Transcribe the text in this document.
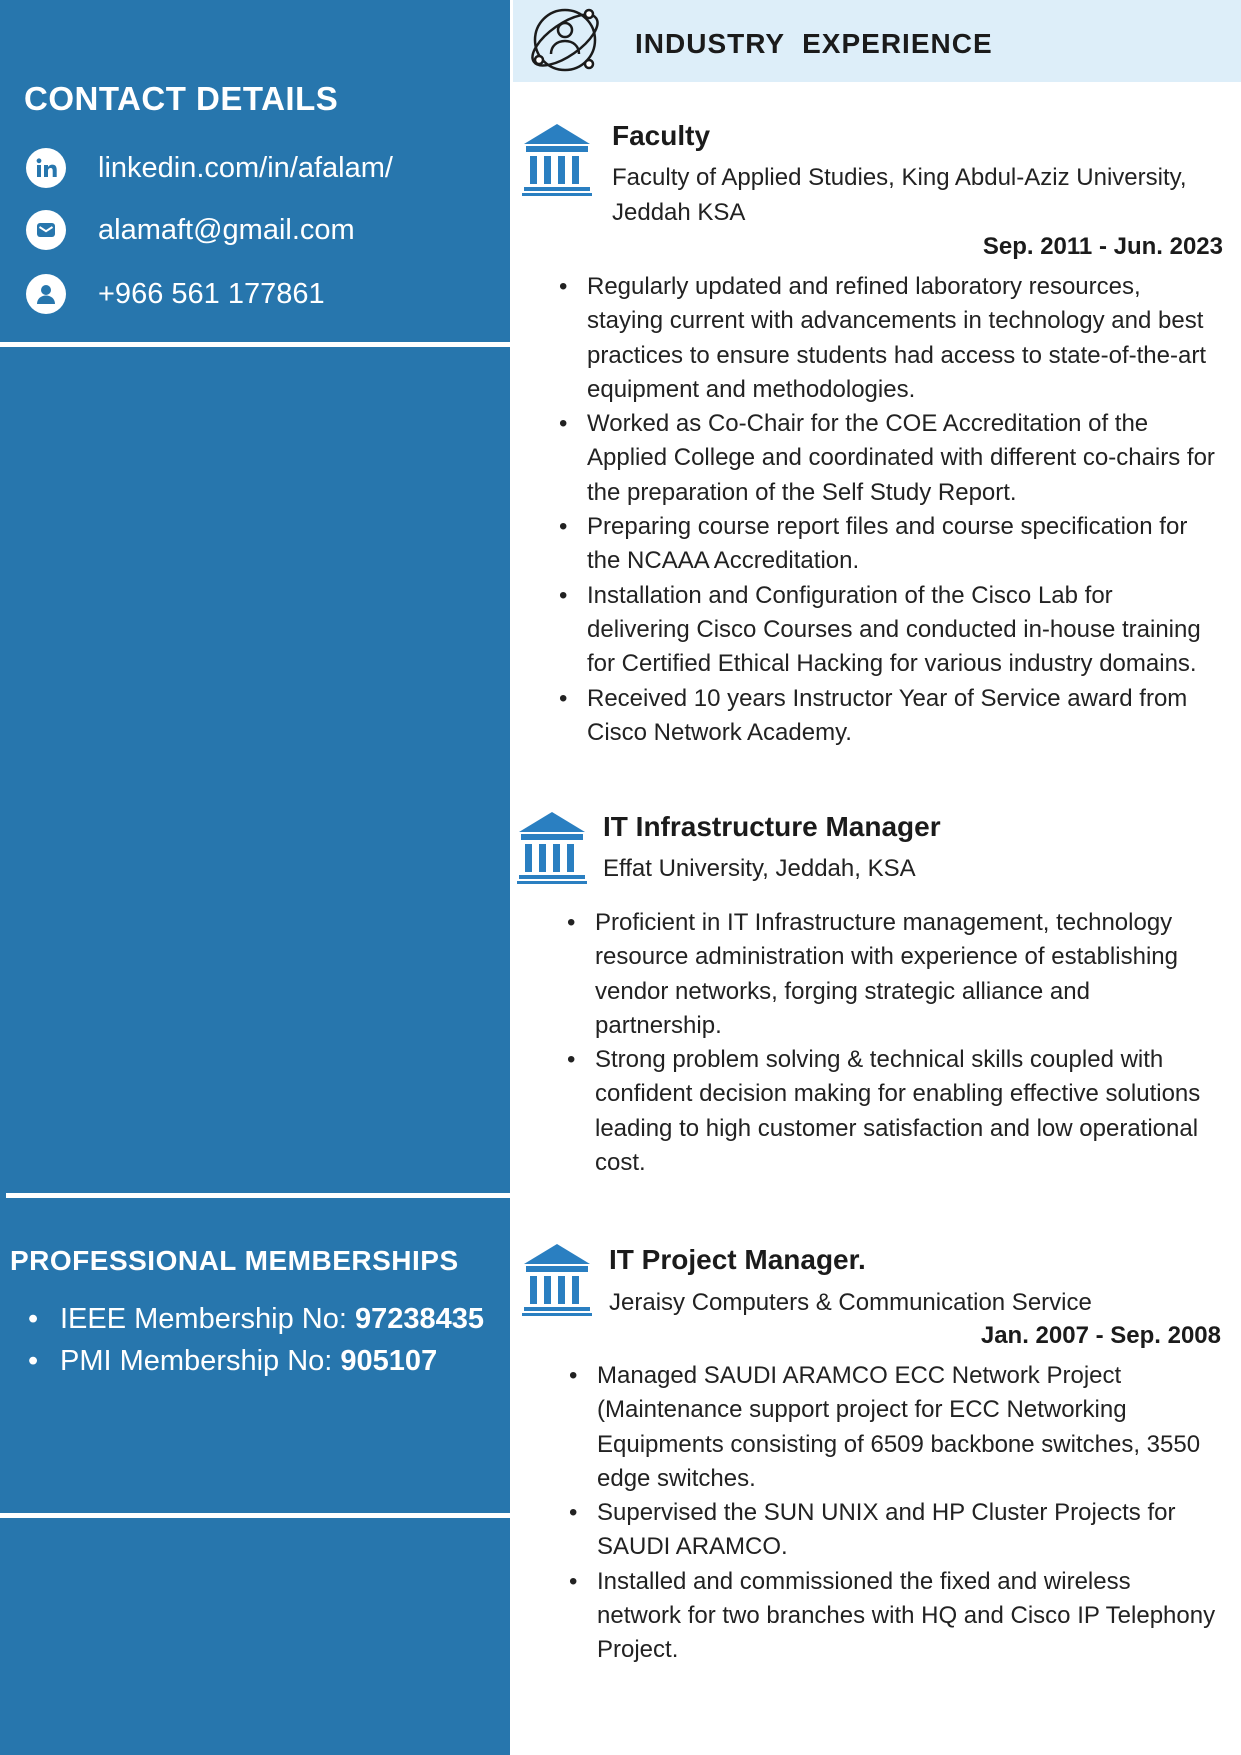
CONTACT DETAILS
linkedin.com/in/afalam/
alamaft@gmail.com
+966 561 177861
PROFESSIONAL MEMBERSHIPS
• IEEE Membership No: 97238435
• PMI Membership No: 905107
INDUSTRY  EXPERIENCE
Faculty

Faculty of Applied Studies, King Abdul-Aziz University, Jeddah KSA

Sep. 2011 - Jun. 2023

• Regularly updated and refined laboratory resources, staying current with advancements in technology and best practices to ensure students had access to state-of-the-art equipment and methodologies.
• Worked as Co-Chair for the COE Accreditation of the Applied College and coordinated with different co-chairs for the preparation of the Self Study Report.
• Preparing course report files and course specification for the NCAAA Accreditation.
• Installation and Configuration of the Cisco Lab for delivering Cisco Courses and conducted in-house training for Certified Ethical Hacking for various industry domains.
• Received 10 years Instructor Year of Service award from Cisco Network Academy.
IT Infrastructure Manager

Effat University, Jeddah, KSA

• Proficient in IT Infrastructure management, technology resource administration with experience of establishing vendor networks, forging strategic alliance and partnership.
• Strong problem solving & technical skills coupled with confident decision making for enabling effective solutions leading to high customer satisfaction and low operational cost.
IT Project Manager.

Jeraisy Computers & Communication Service

Jan. 2007 - Sep. 2008

• Managed SAUDI ARAMCO ECC Network Project (Maintenance support project for ECC Networking Equipments consisting of 6509 backbone switches, 3550 edge switches.
• Supervised the SUN UNIX and HP Cluster Projects for SAUDI ARAMCO.
• Installed and commissioned the fixed and wireless network for two branches with HQ and Cisco IP Telephony Project.
